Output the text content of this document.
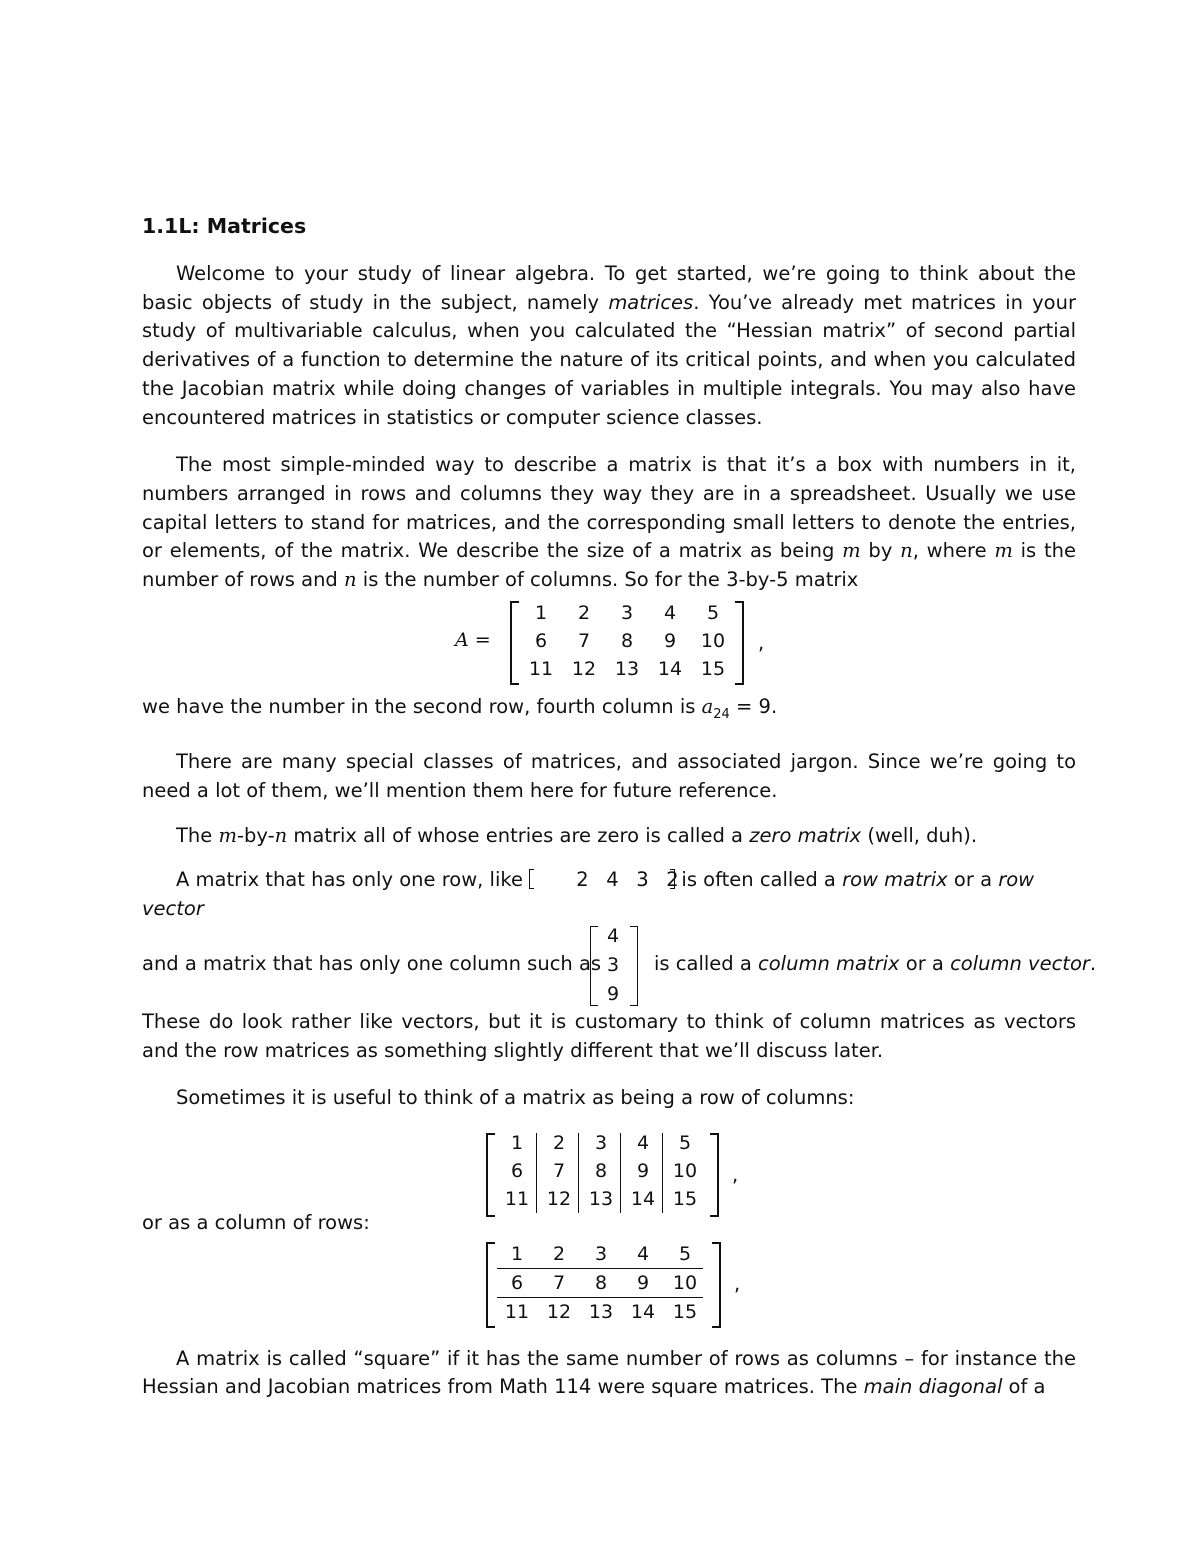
1.1L: Matrices

Welcome to your study of linear algebra. To get started, we’re going to think about the basic objects of study in the subject, namely matrices. You’ve already met matrices in your study of multivariable calculus, when you calculated the “Hessian matrix” of second partial derivatives of a function to determine the nature of its critical points, and when you calculated the Jacobian matrix while doing changes of variables in multiple integrals. You may also have encountered matrices in statistics or computer science classes.

The most simple-minded way to describe a matrix is that it’s a box with numbers in it, numbers arranged in rows and columns they way they are in a spreadsheet. Usually we use capital letters to stand for matrices, and the corresponding small letters to denote the entries, or elements, of the matrix. We describe the size of a matrix as being m by n, where m is the number of rows and n is the number of columns. So for the 3-by-5 matrix

A =	,
1	2	3	4	5
6	7	8	9	10
11 12 13 14 15

we have the number in the second row, fourth column is $a_{24} = 9$.

There are many special classes of matrices, and associated jargon. Since we’re going to need a lot of them, we’ll mention them here for future reference.

The m-by-n matrix all of whose entries are zero is called a zero matrix (well, duh).

A matrix that has only one row, like 2 4 3 2 is often called a row matrix or a row vector

and a matrix that has only one column such as
4
3
9
is called a column matrix or a column vector.

These do look rather like vectors, but it is customary to think of column matrices as vectors and the row matrices as something slightly different that we’ll discuss later.

Sometimes it is useful to think of a matrix as being a row of columns:

,
1	2	3	4	5
6	7	8	9	10
11 12 13 14 15

or as a column of rows:

,
1	2	3	4	5
6	7	8	9	10
11 12 13 14 15

A matrix is called “square” if it has the same number of rows as columns – for instance the Hessian and Jacobian matrices from Math 114 were square matrices. The main diagonal of a
